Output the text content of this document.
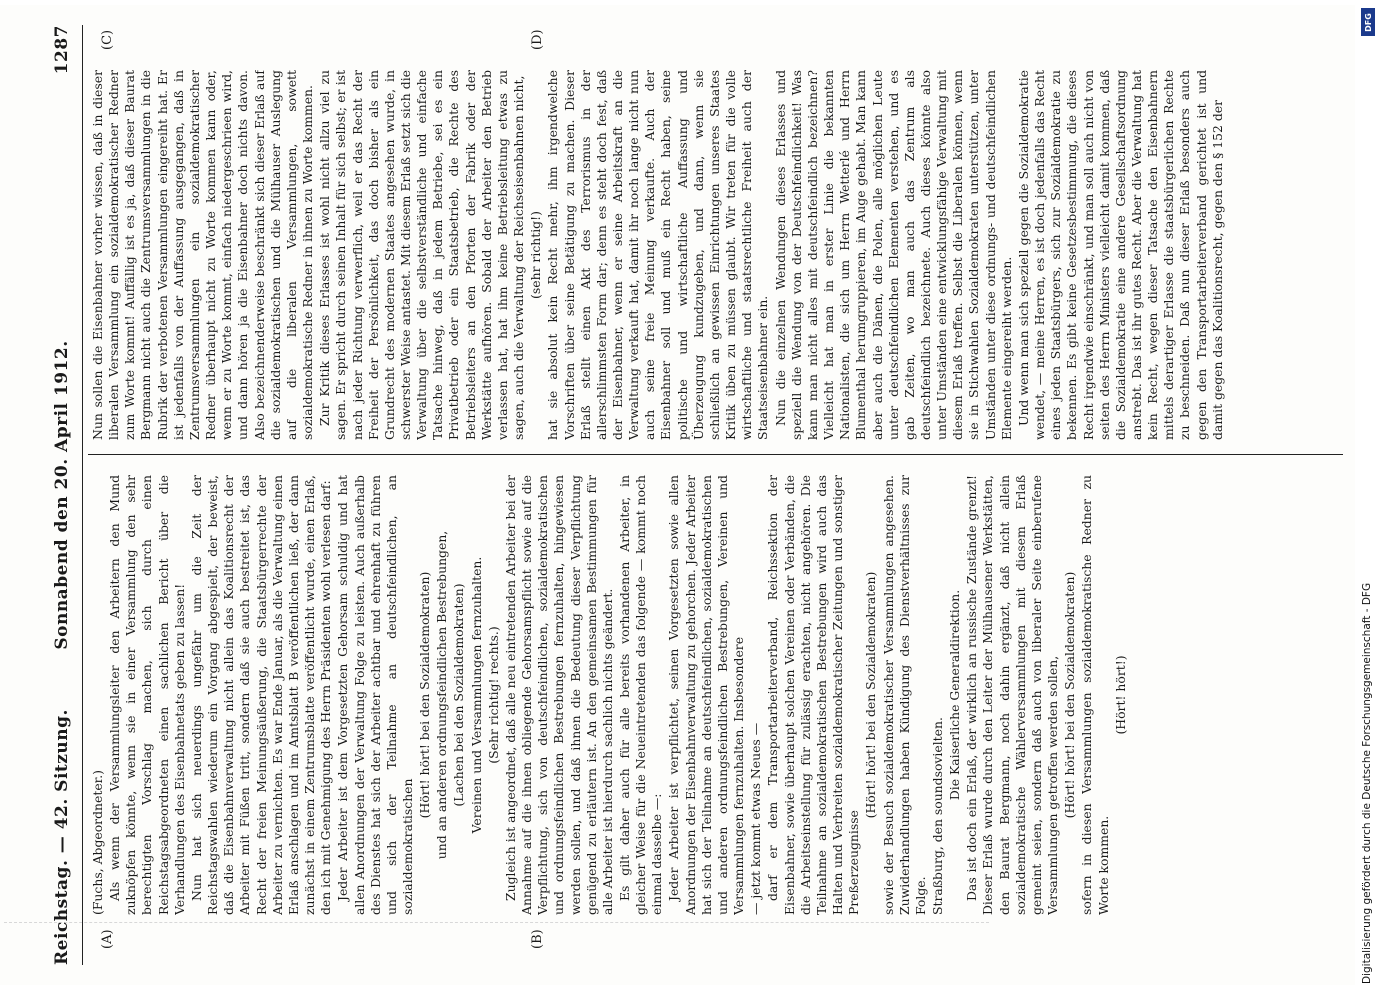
Reichstag. — 42. Sitzung.
Sonnabend den 20. April 1912.
1287
(A)	(B)
(C)	(D)

(Fuchs, Abgeordneter.) Als wenn der Versammlungsleiter den Arbeitern den Mund zuknöpfen könnte, wenn sie in einer Versammlung den sehr berechtigten Vorschlag machen, sich durch einen Reichstagsabgeordneten einen sachlichen Bericht über die Verhandlungen des Eisenbahnetats geben zu lassen! Nun hat sich neuerdings ungefähr um die Zeit der Reichstagswahlen wiederum ein Vorgang abgespielt, der beweist, daß die Eisenbahnverwaltung nicht allein das Koalitionsrecht der Arbeiter mit Füßen tritt, sondern daß sie auch bestreitet ist, das Recht der freien Meinungsäußerung, die Staatsbürgerrechte der Arbeiter zu vernichten. Es war Ende Januar, als die Verwaltung einen Erlaß anschlagen und im Amtsblatt B veröffentlichen ließ, der dann zunächst in einem Zentrumsblatte veröffentlicht wurde, einen Erlaß, den ich mit Genehmigung des Herrn Präsidenten wohl verlesen darf: Jeder Arbeiter ist dem Vorgesetzten Gehorsam schuldig und hat allen Anordnungen der Verwaltung Folge zu leisten. Auch außerhalb des Dienstes hat sich der Arbeiter achtbar und ehrenhaft zu führen und sich der Teilnahme an deutschfeindlichen, an sozialdemokratischen

(Hört! hört! bei den Sozialdemokraten) und an anderen ordnungsfeindlichen Bestrebungen, (Lachen bei den Sozialdemokraten) Vereinen und Versammlungen fernzuhalten. (Sehr richtig! rechts.) Zugleich ist angeordnet, daß alle neu eintretenden Arbeiter bei der Annahme auf die ihnen obliegende Gehorsamspflicht sowie auf die Verpflichtung, sich von deutschfeindlichen, sozialdemokratischen und ordnungsfeindlichen Bestrebungen fernzuhalten, hingewiesen werden sollen, und daß ihnen die Bedeutung dieser Verpflichtung genügend zu erläutern ist. An den gemeinsamen Bestimmungen für alle Arbeiter ist hierdurch sachlich nichts geändert. Es gilt daher auch für alle bereits vorhandenen Arbeiter, in gleicher Weise für die Neueintretenden das folgende — kommt noch einmal dasselbe —: Jeder Arbeiter ist verpflichtet, seinen Vorgesetzten sowie allen Anordnungen der Eisenbahnverwaltung zu gehorchen. Jeder Arbeiter hat sich der Teilnahme an deutschfeindlichen, sozialdemokratischen und anderen ordnungsfeindlichen Bestrebungen, Vereinen und Versammlungen fernzuhalten. Insbesondere — jetzt kommt etwas Neues — darf er dem Transportarbeiterverband, Reichssektion der Eisenbahner, sowie überhaupt solchen Vereinen oder Verbänden, die die Arbeitseinstellung für zulässig erachten, nicht angehören. Die Teilnahme an sozialdemokratischen Bestrebungen wird auch das Halten und Verbreiten sozialdemokratischer Zeitungen und sonstiger Preßerzeugnisse

(Hört! hört! bei den Sozialdemokraten) sowie der Besuch sozialdemokratischer Versammlungen angesehen. Zuwiderhandlungen haben Kündigung des Dienstverhältnisses zur Folge. Straßburg, den soundsovielten.

Die Kaiserliche Generaldirektion. Das ist doch ein Erlaß, der wirklich an russische Zustände grenzt! Dieser Erlaß wurde durch den Leiter der Mülhausener Werkstätten, den Baurat Bergmann, noch dahin ergänzt, daß nicht allein sozialdemokratische Wählerversammlungen mit diesem Erlaß gemeint seien, sondern daß auch von liberaler Seite einberufene Versammlungen getroffen werden sollen, (Hört! hört! bei den Sozialdemokraten) sofern in diesen Versammlungen sozialdemokratische Redner zu Worte kommen.

(Hört! hört!)

Nun sollen die Eisenbahner vorher wissen, daß in dieser liberalen Versammlung ein sozialdemokratischer Redner zum Worte kommt! Auffällig ist es ja, daß dieser Baurat Bergmann nicht auch die Zentrumsversammlungen in die Rubrik der verbotenen Versammlungen eingereiht hat. Er ist jedenfalls von der Auffassung ausgegangen, daß in Zentrumsversammlungen ein sozialdemokratischer Redner überhaupt nicht zu Worte kommen kann oder, wenn er zu Worte kommt, einfach niedergeschrieen wird, und dann hören ja die Eisenbahner doch nichts davon. Also bezeichnenderweise beschränkt sich dieser Erlaß auf die sozialdemokratischen und die Mülhauser Auslegung auf die liberalen Versammlungen, sowett sozialdemokratische Redner in ihnen zu Worte kommen. Zur Kritik dieses Erlasses ist wohl nicht allzu viel zu sagen. Er spricht durch seinen Inhalt für sich selbst; er ist nach jeder Richtung verwerflich, weil er das Recht der Freiheit der Persönlichkeit, das doch bisher als ein Grundrecht des modernen Staates angesehen wurde, in schwerster Weise antastet. Mit diesem Erlaß setzt sich die Verwaltung über die selbstverständliche und einfache Tatsache hinweg, daß in jedem Betriebe, sei es ein Privatbetrieb oder ein Staatsbetrieb, die Rechte des Betriebsleiters an den Pforten der Fabrik oder der Werkstätte aufhören. Sobald der Arbeiter den Betrieb verlassen hat, hat ihm keine Betriebsleitung etwas zu sagen, auch die Verwaltung der Reichseisenbahnen nicht, (sehr richtig!) hat sie absolut kein Recht mehr, ihm irgendwelche Vorschriften über seine Betätigung zu machen. Dieser Erlaß stellt einen Akt des Terrorismus in der allerschlimmsten Form dar; denn es steht doch fest, daß der Eisenbahner, wenn er seine Arbeitskraft an die Verwaltung verkauft hat, damit ihr noch lange nicht nun auch seine freie Meinung verkaufte. Auch der Eisenbahner soll und muß ein Recht haben, seine politische und wirtschaftliche Auffassung und Überzeugung kundzugeben, und dann, wenn sie schließlich an gewissen Einrichtungen unseres Staates Kritik üben zu müssen glaubt. Wir treten für die volle wirtschaftliche und staatsrechtliche Freiheit auch der Staatseisenbahner ein. Nun die einzelnen Wendungen dieses Erlasses und speziell die Wendung von der Deutschfeindlichkeit! Was kann man nicht alles mit deutschfeindlich bezeichnen? Vielleicht hat man in erster Linie die bekannten Nationalisten, die sich um Herrn Wetterlé und Herrn Blumenthal herumgruppieren, im Auge gehabt. Man kann aber auch die Dänen, die Polen, alle möglichen Leute unter deutschfeindlichen Elementen verstehen, und es gab Zeiten, wo man auch das Zentrum als deutschfeindlich bezeichnete. Auch dieses könnte also unter Umständen eine entwicklungsfähige Verwaltung mit diesem Erlaß treffen. Selbst die Liberalen können, wenn sie in Stichwahlen Sozialdemokraten unterstützen, unter Umständen unter diese ordnungs- und deutschfeindlichen Elemente eingereiht werden. Und wenn man sich speziell gegen die Sozialdemokratie wendet, — meine Herren, es ist doch jedenfalls das Recht eines jeden Staatsbürgers, sich zur Sozialdemokratie zu bekennen. Es gibt keine Gesetzesbestimmung, die dieses Recht irgendwie einschränkt, und man soll auch nicht von seiten des Herrn Ministers vielleicht damit kommen, daß die Sozialdemokratie eine andere Gesellschaftsordnung anstrebt. Das ist ihr gutes Recht. Aber die Verwaltung hat kein Recht, wegen dieser Tatsache den Eisenbahnern mittels derartiger Erlasse die staatsbürgerlichen Rechte zu beschneiden. Daß nun dieser Erlaß besonders auch gegen den Transportarbeiterverband gerichtet ist und damit gegen das Koalitionsrecht, gegen den § 152 der

DFG
Digitalisierung gefördert durch die Deutsche Forschungsgemeinschaft - DFG
